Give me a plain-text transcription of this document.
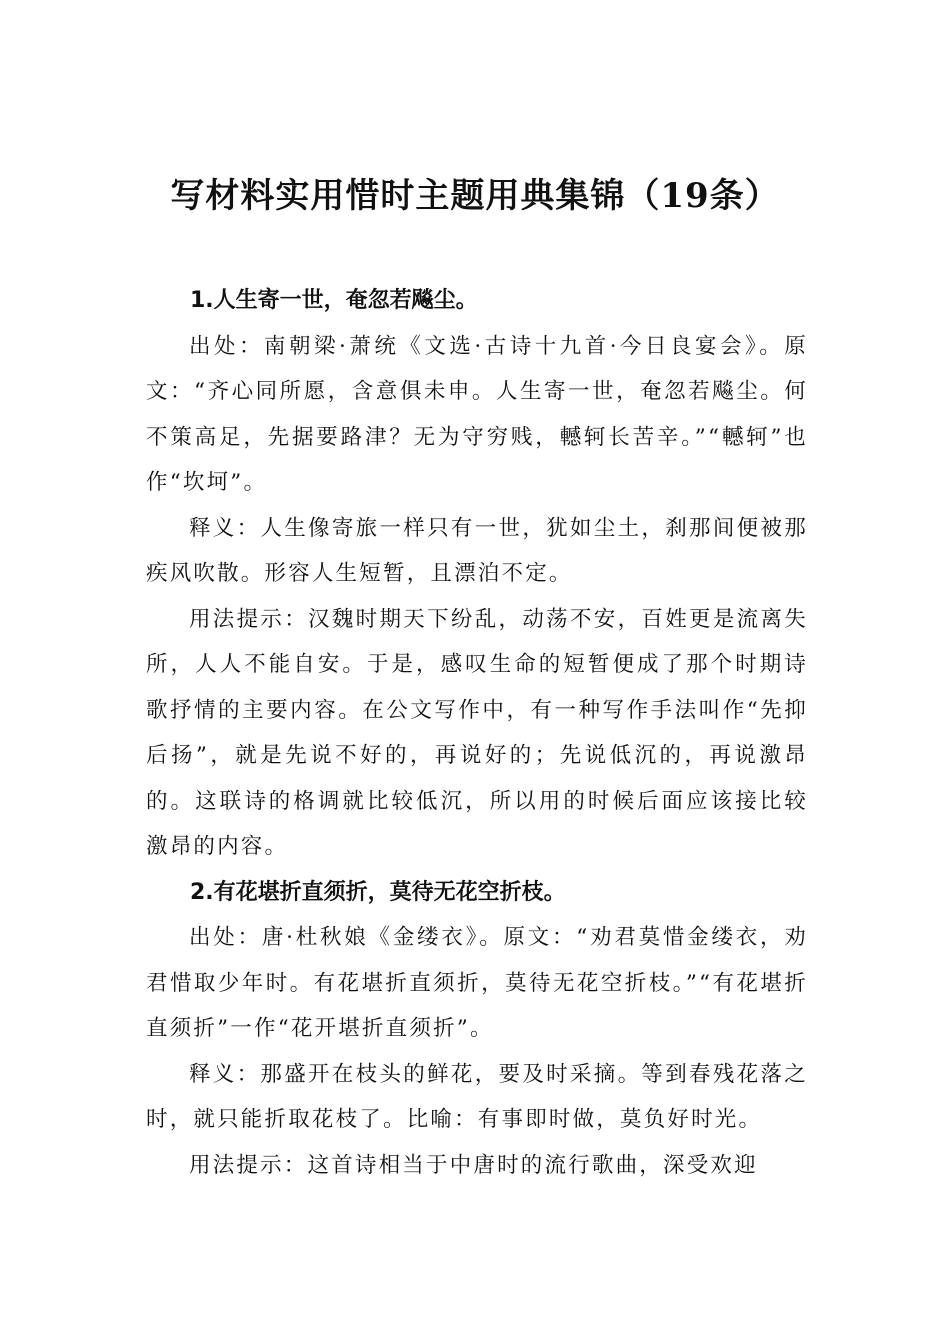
写材料实用惜时主题用典集锦（19条）

1.人生寄一世，奄忽若飚尘。

出处：南朝梁·萧统《文选·古诗十九首·今日良宴会》。原文：“齐心同所愿，含意俱未申。人生寄一世，奄忽若飚尘。何不策高足，先据要路津？无为守穷贱，轗轲长苦辛。”“轗轲”也作“坎坷”。

释义：人生像寄旅一样只有一世，犹如尘土，刹那间便被那疾风吹散。形容人生短暂，且漂泊不定。

用法提示：汉魏时期天下纷乱，动荡不安，百姓更是流离失所，人人不能自安。于是，感叹生命的短暂便成了那个时期诗歌抒情的主要内容。在公文写作中，有一种写作手法叫作“先抑后扬”，就是先说不好的，再说好的；先说低沉的，再说激昂的。这联诗的格调就比较低沉，所以用的时候后面应该接比较激昂的内容。

2.有花堪折直须折，莫待无花空折枝。

出处：唐·杜秋娘《金缕衣》。原文：“劝君莫惜金缕衣，劝君惜取少年时。有花堪折直须折，莫待无花空折枝。”“有花堪折直须折”一作“花开堪折直须折”。

释义：那盛开在枝头的鲜花，要及时采摘。等到春残花落之时，就只能折取花枝了。比喻：有事即时做，莫负好时光。

用法提示：这首诗相当于中唐时的流行歌曲，深受欢迎
